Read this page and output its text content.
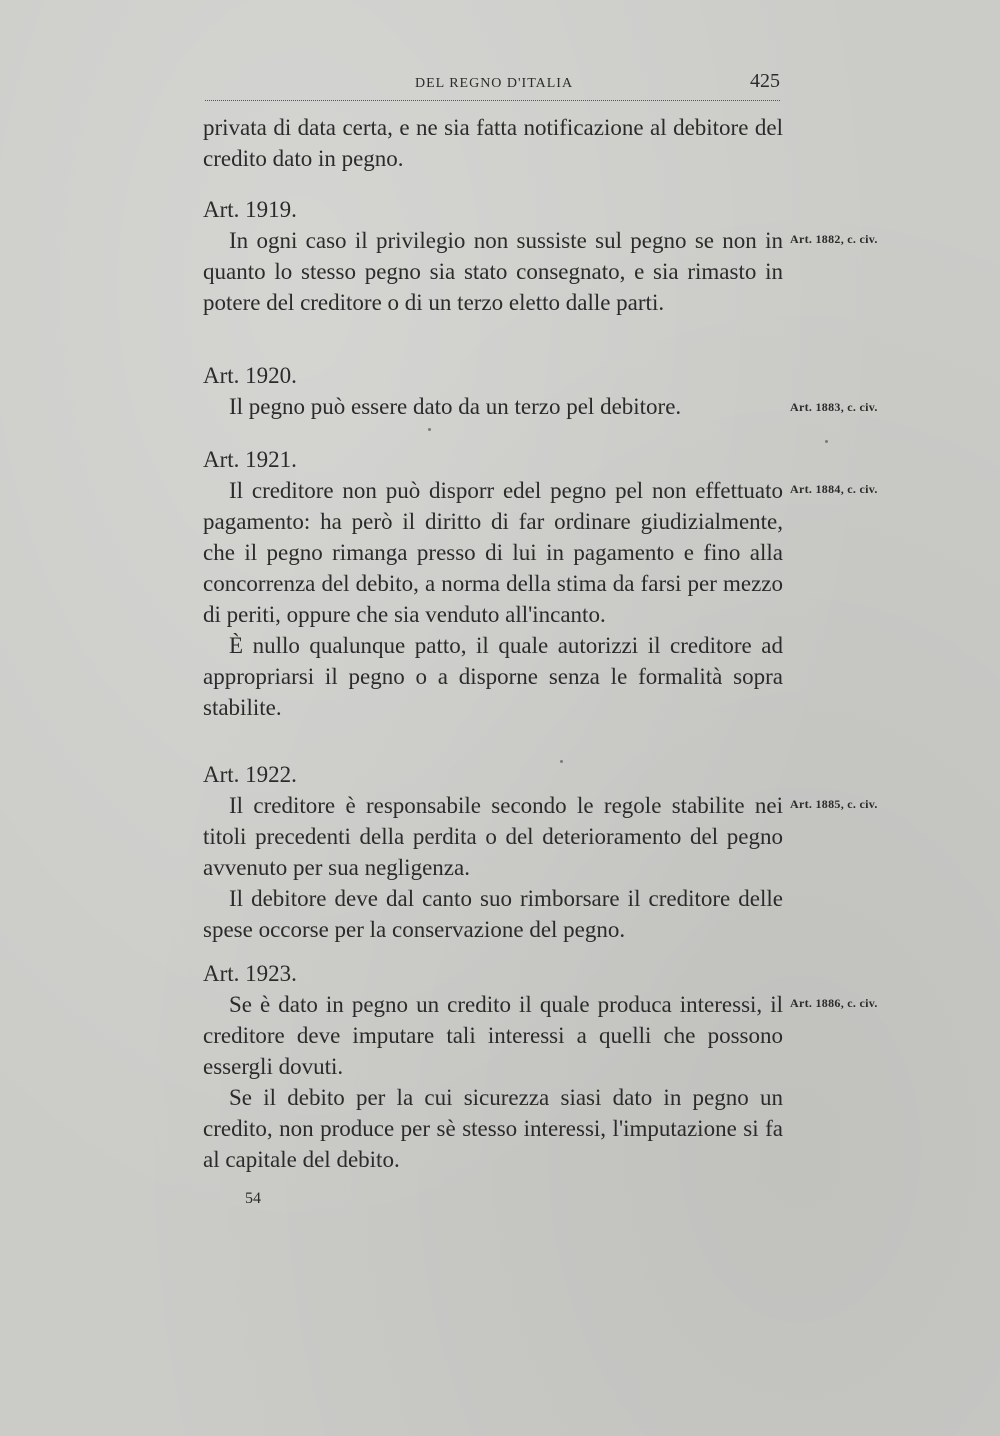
DEL REGNO D'ITALIA	425

privata di data certa, e ne sia fatta notificazione al debitore del credito dato in pegno.

Art. 1919.

In ogni caso il privilegio non sussiste sul pegno se non in quanto lo stesso pegno sia stato consegnato, e sia rimasto in potere del creditore o di un terzo eletto dalle parti.

Art. 1882, c. civ.

Art. 1920.

Il pegno può essere dato da un terzo pel debitore.	Art. 1883, c. civ.

Art. 1921.

Il creditore non può disporr edel pegno pel non effettuato pagamento: ha però il diritto di far ordinare giudizialmente, che il pegno rimanga presso di lui in pagamento e fino alla concorrenza del debito, a norma della stima da farsi per mezzo di periti, oppure che sia venduto all'incanto.

È nullo qualunque patto, il quale autorizzi il creditore ad appropriarsi il pegno o a disporne senza le formalità sopra stabilite.

Art. 1884, c. civ.

Art. 1922.

Il creditore è responsabile secondo le regole stabilite nei titoli precedenti della perdita o del deterioramento del pegno avvenuto per sua negligenza.

Il debitore deve dal canto suo rimborsare il creditore delle spese occorse per la conservazione del pegno.

Art. 1885, c. civ.

Art. 1923.

Se è dato in pegno un credito il quale produca interessi, il creditore deve imputare tali interessi a quelli che possono essergli dovuti.

Se il debito per la cui sicurezza siasi dato in pegno un credito, non produce per sè stesso interessi, l'imputazione si fa al capitale del debito.

Art. 1886, c. civ.
54
